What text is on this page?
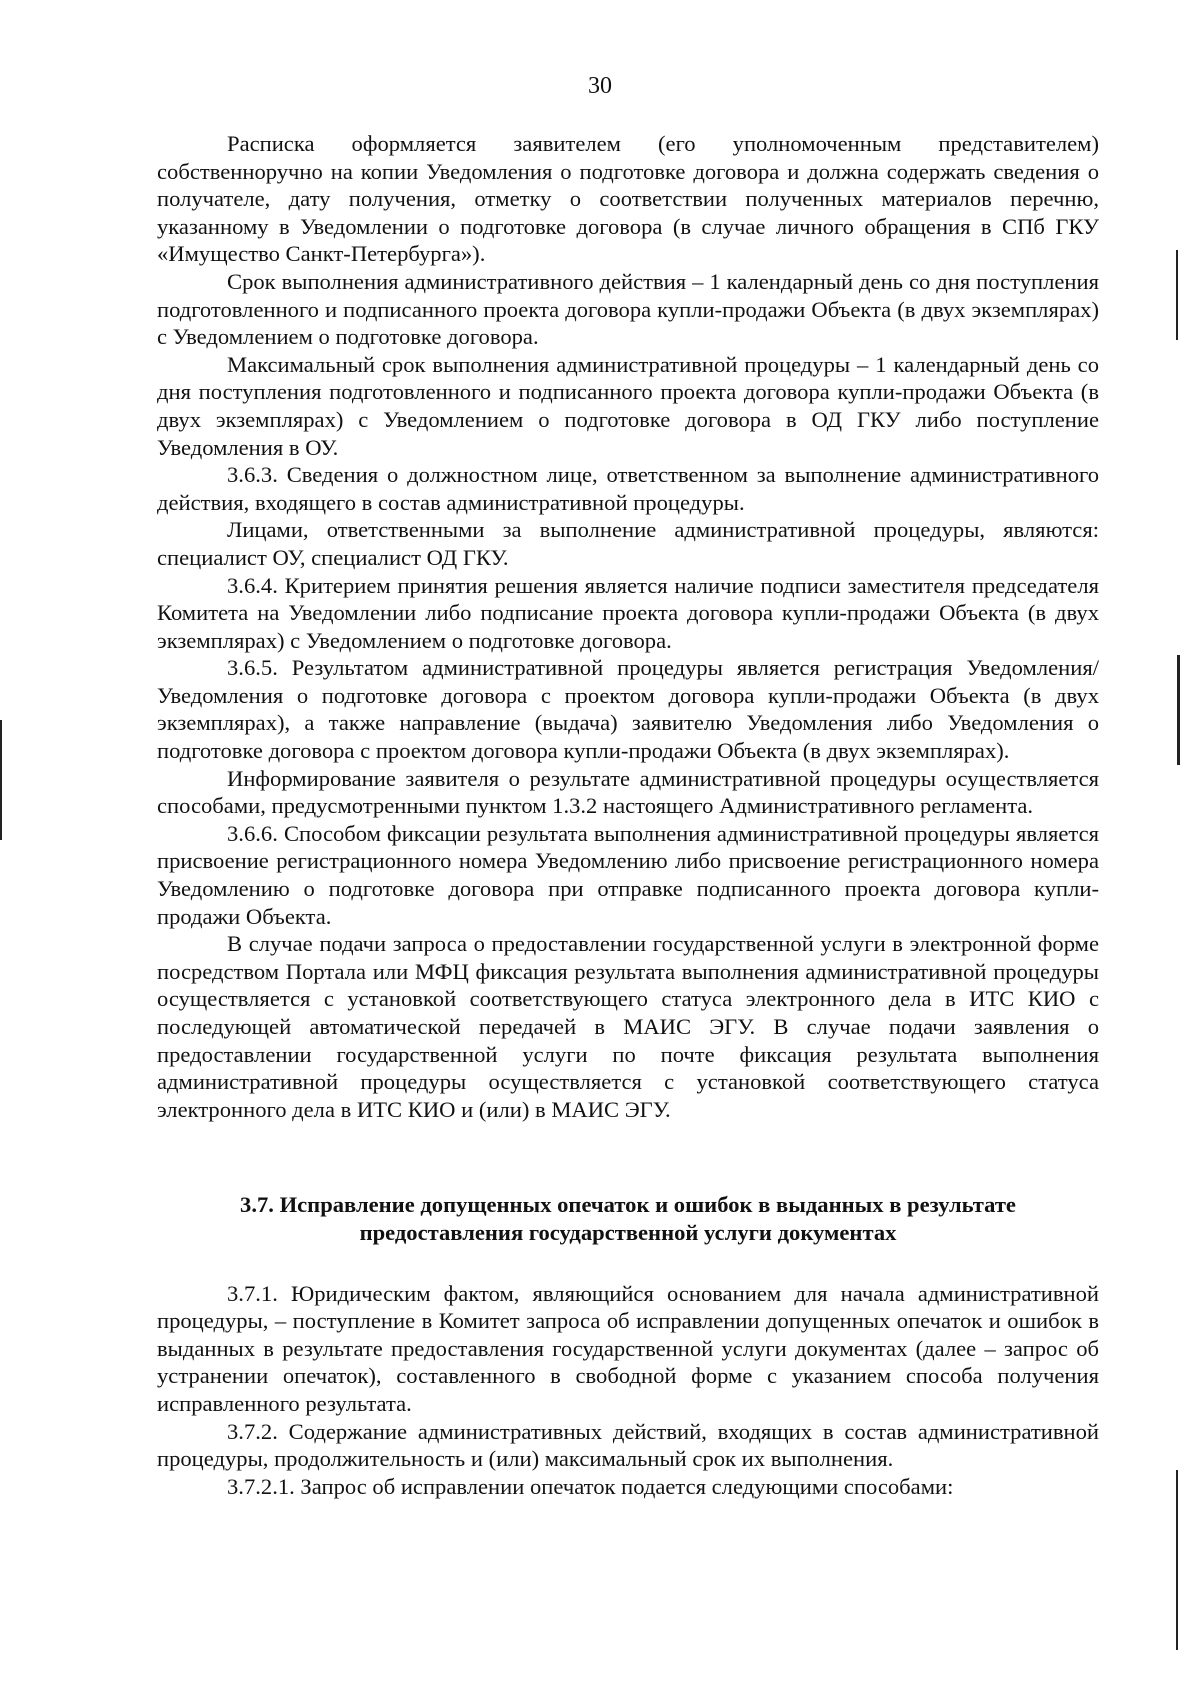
30

Расписка оформляется заявителем (его уполномоченным представителем) собственноручно на копии Уведомления о подготовке договора и должна содержать сведения о получателе, дату получения, отметку о соответствии полученных материалов перечню, указанному в Уведомлении о подготовке договора (в случае личного обращения в СПб ГКУ «Имущество Санкт-Петербурга»).

Срок выполнения административного действия – 1 календарный день со дня поступления подготовленного и подписанного проекта договора купли-продажи Объекта (в двух экземплярах) с Уведомлением о подготовке договора.

Максимальный срок выполнения административной процедуры – 1 календарный день со дня поступления подготовленного и подписанного проекта договора купли-продажи Объекта (в двух экземплярах) с Уведомлением о подготовке договора в ОД ГКУ либо поступление Уведомления в ОУ.

3.6.3. Сведения о должностном лице, ответственном за выполнение административного действия, входящего в состав административной процедуры.

Лицами, ответственными за выполнение административной процедуры, являются: специалист ОУ, специалист ОД ГКУ.

3.6.4. Критерием принятия решения является наличие подписи заместителя председателя Комитета на Уведомлении либо подписание проекта договора купли-продажи Объекта (в двух экземплярах) с Уведомлением о подготовке договора.

3.6.5. Результатом административной процедуры является регистрация Уведомления/Уведомления о подготовке договора с проектом договора купли-продажи Объекта (в двух экземплярах), а также направление (выдача) заявителю Уведомления либо Уведомления о подготовке договора с проектом договора купли-продажи Объекта (в двух экземплярах).

Информирование заявителя о результате административной процедуры осуществляется способами, предусмотренными пунктом 1.3.2 настоящего Административного регламента.

3.6.6. Способом фиксации результата выполнения административной процедуры является присвоение регистрационного номера Уведомлению либо присвоение регистрационного номера Уведомлению о подготовке договора при отправке подписанного проекта договора купли-продажи Объекта.

В случае подачи запроса о предоставлении государственной услуги в электронной форме посредством Портала или МФЦ фиксация результата выполнения административной процедуры осуществляется с установкой соответствующего статуса электронного дела в ИТС КИО с последующей автоматической передачей в МАИС ЭГУ. В случае подачи заявления о предоставлении государственной услуги по почте фиксация результата выполнения административной процедуры осуществляется с установкой соответствующего статуса электронного дела в ИТС КИО и (или) в МАИС ЭГУ.

3.7. Исправление допущенных опечаток и ошибок в выданных в результате предоставления государственной услуги документах

3.7.1. Юридическим фактом, являющийся основанием для начала административной процедуры, – поступление в Комитет запроса об исправлении допущенных опечаток и ошибок в выданных в результате предоставления государственной услуги документах (далее – запрос об устранении опечаток), составленного в свободной форме с указанием способа получения исправленного результата.

3.7.2. Содержание административных действий, входящих в состав административной процедуры, продолжительность и (или) максимальный срок их выполнения.

3.7.2.1. Запрос об исправлении опечаток подается следующими способами:
